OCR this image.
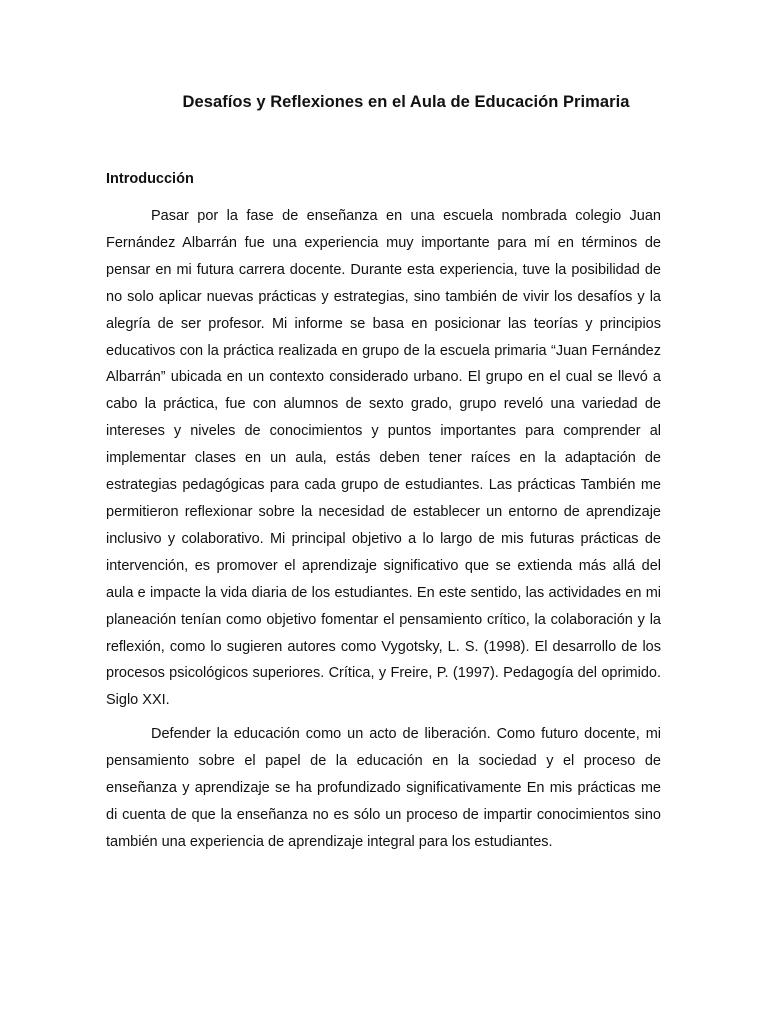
Desafíos y Reflexiones en el Aula de Educación Primaria
Introducción

Pasar por la fase de enseñanza en una escuela nombrada colegio Juan Fernández Albarrán fue una experiencia muy importante para mí en términos de pensar en mi futura carrera docente. Durante esta experiencia, tuve la posibilidad de no solo aplicar nuevas prácticas y estrategias, sino también de vivir los desafíos y la alegría de ser profesor. Mi informe se basa en posicionar las teorías y principios educativos con la práctica realizada en grupo de la escuela primaria “Juan Fernández Albarrán” ubicada en un contexto considerado urbano. El grupo en el cual se llevó a cabo la práctica, fue con alumnos de sexto grado, grupo reveló una variedad de intereses y niveles de conocimientos y puntos importantes para comprender al implementar clases en un aula, estás deben tener raíces en la adaptación de estrategias pedagógicas para cada grupo de estudiantes. Las prácticas También me permitieron reflexionar sobre la necesidad de establecer un entorno de aprendizaje inclusivo y colaborativo. Mi principal objetivo a lo largo de mis futuras prácticas de intervención, es promover el aprendizaje significativo que se extienda más allá del aula e impacte la vida diaria de los estudiantes. En este sentido, las actividades en mi planeación tenían como objetivo fomentar el pensamiento crítico, la colaboración y la reflexión, como lo sugieren autores como Vygotsky, L. S. (1998). El desarrollo de los procesos psicológicos superiores. Crítica, y Freire, P. (1997). Pedagogía del oprimido. Siglo XXI.

Defender la educación como un acto de liberación. Como futuro docente, mi pensamiento sobre el papel de la educación en la sociedad y el proceso de enseñanza y aprendizaje se ha profundizado significativamente En mis prácticas me di cuenta de que la enseñanza no es sólo un proceso de impartir conocimientos sino también una experiencia de aprendizaje integral para los estudiantes.
